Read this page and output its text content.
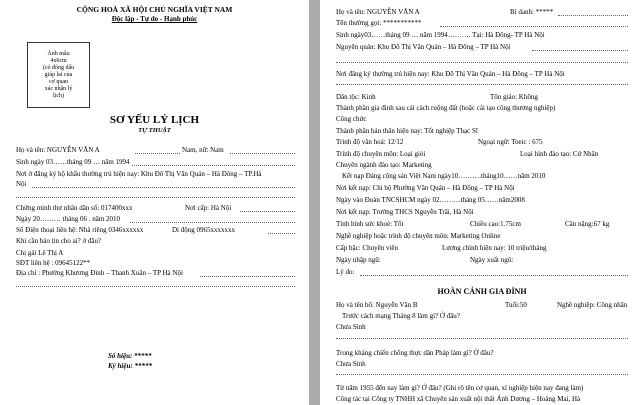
CỘNG HOÀ XÃ HỘI CHỦ NGHĨA VIỆT NAM
Độc lập - Tự do - Hạnh phúc
Ảnh mầu
4x6cm
(có đóng dấu
giáp lai của
cơ quan
xác nhận lý
lịch)
SƠ YẾU LÝ LỊCH
TỰ THUẬT
Họ và tên: NGUYỄN VĂN A	Nam, nữ: Nam
Sinh ngày 03……tháng 09 … năm 1994
Nơi ở đăng ký hộ khẩu thường trú hiện nay: Khu Đô Thị Văn Quán – Hà Đông – TP.Hà
Nội
Chứng minh thư nhân dân số: 017400xxx	Nơi cấp: Hà Nội
Ngày 20……… tháng 06 . năm 2010
Số Điện thoại liên hệ: Nhà riêng 0346xxxxxx	Di động 0965xxxxxxx
Khi cần báo tin cho ai? ở đâu?
Chị gái Lê Thị A
SĐT liên hệ : 09645122**
Địa chỉ : Phường Khương Đình – Thanh Xuân – TP Hà Nội
Số hiệu: *****
Ký hiệu: *****
Họ và tên: NGUYỄN VĂN A	Bí danh: *****
Tên thường gọi: ***********
Sinh ngày03……tháng 09 … năm 1994………. Tại: Hà Đông- TP Hà Nội
Nguyên quán: Khu Đô Thị Văn Quán – Hà Đông – TP Hà Nội
Nơi đăng ký thường trú hiện nay: Khu Đô Thị Văn Quán – Hà Đông – TP Hà Nội
Dân tộc: Kinh	Tôn giáo: Không
Thành phần gia đình sau cải cách ruộng đất (hoặc cải tạo công thương nghiệp)
Công chức
Thành phần bản thân hiện nay: Tốt nghiệp Thạc Sĩ
Trình độ văn hoá: 12/12	Ngoại ngữ: Toeic : 675
Trình độ chuyên môn: Loại giỏi	Loại hình đào tạo: Cử Nhân
Chuyên ngành đào tạo: Marketing
Kết nạp Đảng cộng sản Việt Nam ngày10……….tháng10……năm 2010
Nơi kết nạp: Chi bộ Phường Văn Quán – Hà Đông – TP Hà Nội
Ngày vào Đoàn TNCSHCM ngày 02………tháng 05……năm2008
Nơi kết nạp: Trường THCS Nguyễn Trãi, Hà Nội
Tình hình sức khoẻ: Tốt	Chiều cao:1.75cm	Cân nặng:67 kg
Nghề nghiệp hoặc trình độ chuyên môn: Marketing Online
Cấp bậc: Chuyên viên	Lương chính hiện nay: 10 triệu/tháng
Ngày nhập ngũ:	Ngày xuất ngũ:
Lý do:
HOÀN CẢNH GIA ĐÌNH
Họ và tên bố: Nguyễn Văn B	Tuổi:50	Nghề nghiệp: Công nhân
Trước cách mạng Tháng 8 làm gì? Ở đâu?
Chưa Sinh
Trong kháng chiến chống thực dân Pháp làm gì? Ở đâu?
Chưa Sinh
Từ năm 1955 đến nay làm gì? Ở đâu? (Ghi rõ tên cơ quan, xí nghiệp hiện nay đang làm)
Công tác tại Công ty TNHH xã Chuyên sản xuất nội thất Ánh Dương – Hoàng Mai, Hà
